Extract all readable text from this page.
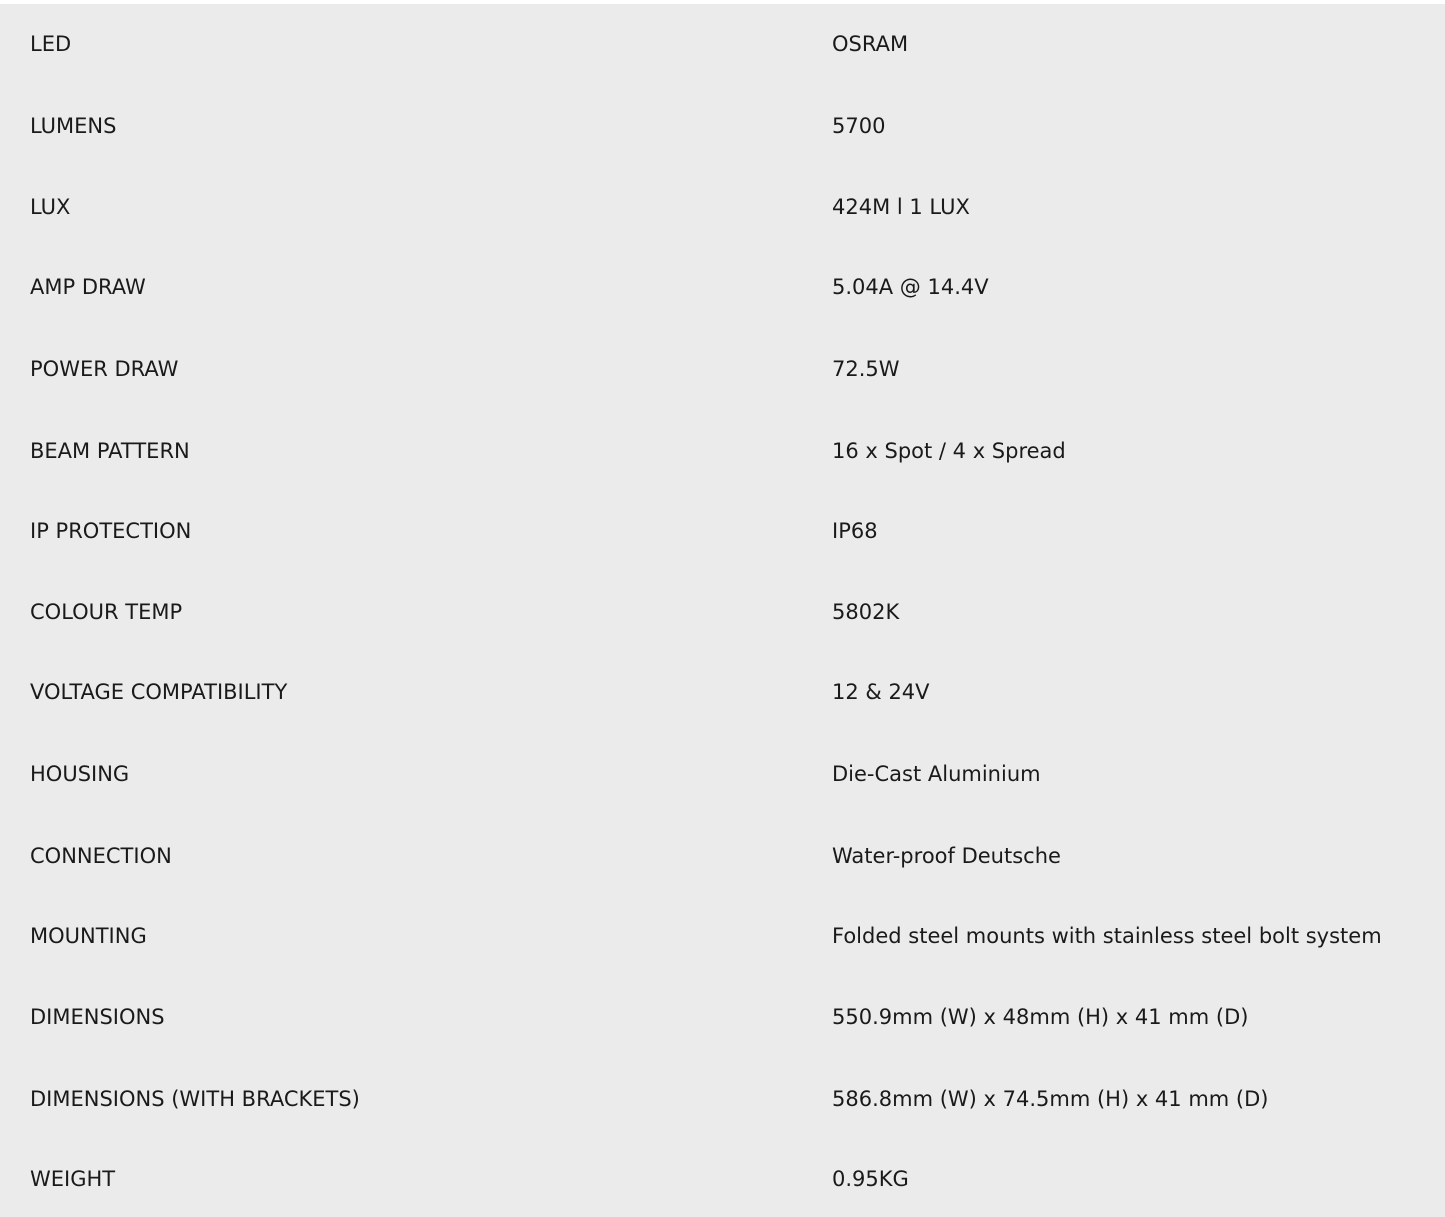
LED	OSRAM
LUMENS	5700
LUX	424M l 1 LUX
AMP DRAW	5.04A @ 14.4V
POWER DRAW	72.5W
BEAM PATTERN	16 x Spot / 4 x Spread
IP PROTECTION	IP68
COLOUR TEMP	5802K
VOLTAGE COMPATIBILITY	12 & 24V
HOUSING	Die-Cast Aluminium
CONNECTION	Water-proof Deutsche
MOUNTING	Folded steel mounts with stainless steel bolt system
DIMENSIONS	550.9mm (W) x 48mm (H) x 41 mm (D)
DIMENSIONS (WITH BRACKETS)	586.8mm (W) x 74.5mm (H) x 41 mm (D)
WEIGHT	0.95KG
